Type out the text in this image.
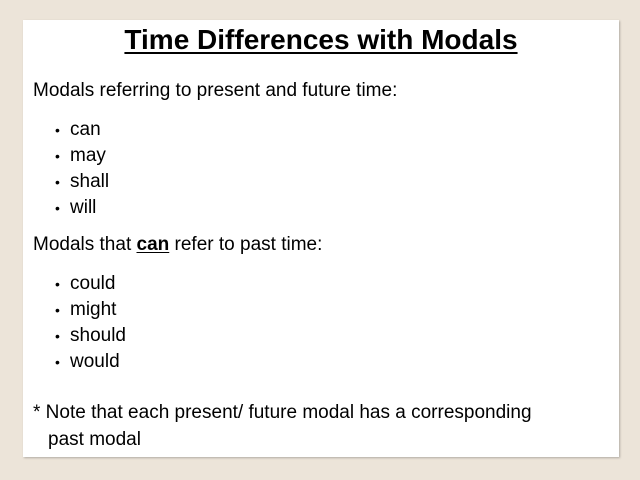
Time Differences with Modals
Modals referring to present and future time:
• can
• may
• shall
• will
Modals that can refer to past time:
• could
• might
• should
• would
* Note that each present/ future modal has a corresponding
past modal
